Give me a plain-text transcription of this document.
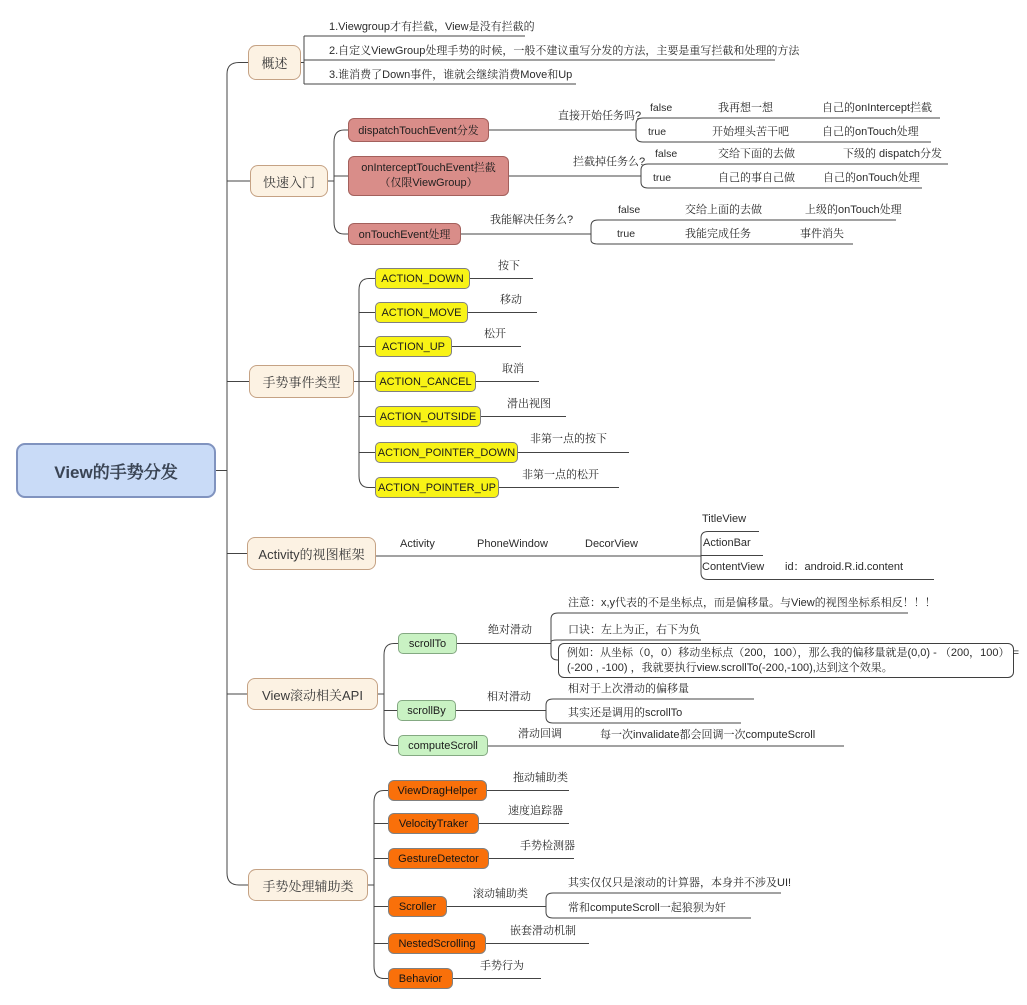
View的手势分发
概述
1.Viewgroup才有拦截，View是没有拦截的
2.自定义ViewGroup处理手势的时候，一般不建议重写分发的方法，主要是重写拦截和处理的方法
3.谁消费了Down事件，谁就会继续消费Move和Up
快速入门
dispatchTouchEvent分发
直接开始任务吗?
false	我再想一想	自己的onIntercept拦截
true	开始埋头苦干吧	自己的onTouch处理
onInterceptTouchEvent拦截
（仅限ViewGroup）
拦截掉任务么?
false	交给下面的去做	下级的 dispatch分发
true	自己的事自己做	自己的onTouch处理
onTouchEvent处理
我能解决任务么?
false	交给上面的去做	上级的onTouch处理
true	我能完成任务	事件消失
手势事件类型
ACTION_DOWN
按下
ACTION_MOVE
移动
ACTION_UP
松开
ACTION_CANCEL
取消
ACTION_OUTSIDE
滑出视图
ACTION_POINTER_DOWN
非第一点的按下
ACTION_POINTER_UP
非第一点的松开
Activity的视图框架
Activity	PhoneWindow	DecorView
TitleView
ActionBar
ContentView id：android.R.id.content
View滚动相关API
scrollTo
绝对滑动
注意：x,y代表的不是坐标点，而是偏移量。与View的视图坐标系相反！！！
口诀：左上为正，右下为负
例如：从坐标（0，0）移动坐标点（200，100），那么我的偏移量就是(0,0) - （200，100） =
(-200 , -100) ，我就要执行view.scrollTo(-200,-100),达到这个效果。
scrollBy
相对滑动
相对于上次滑动的偏移量
其实还是调用的scrollTo
computeScroll
滑动回调	每一次invalidate都会回调一次computeScroll
手势处理辅助类
ViewDragHelper
拖动辅助类
VelocityTraker
速度追踪器
GestureDetector
手势检测器
Scroller
滚动辅助类
其实仅仅只是滚动的计算器，本身并不涉及UI!
常和computeScroll一起狼狈为奸
NestedScrolling
嵌套滑动机制
Behavior
手势行为
